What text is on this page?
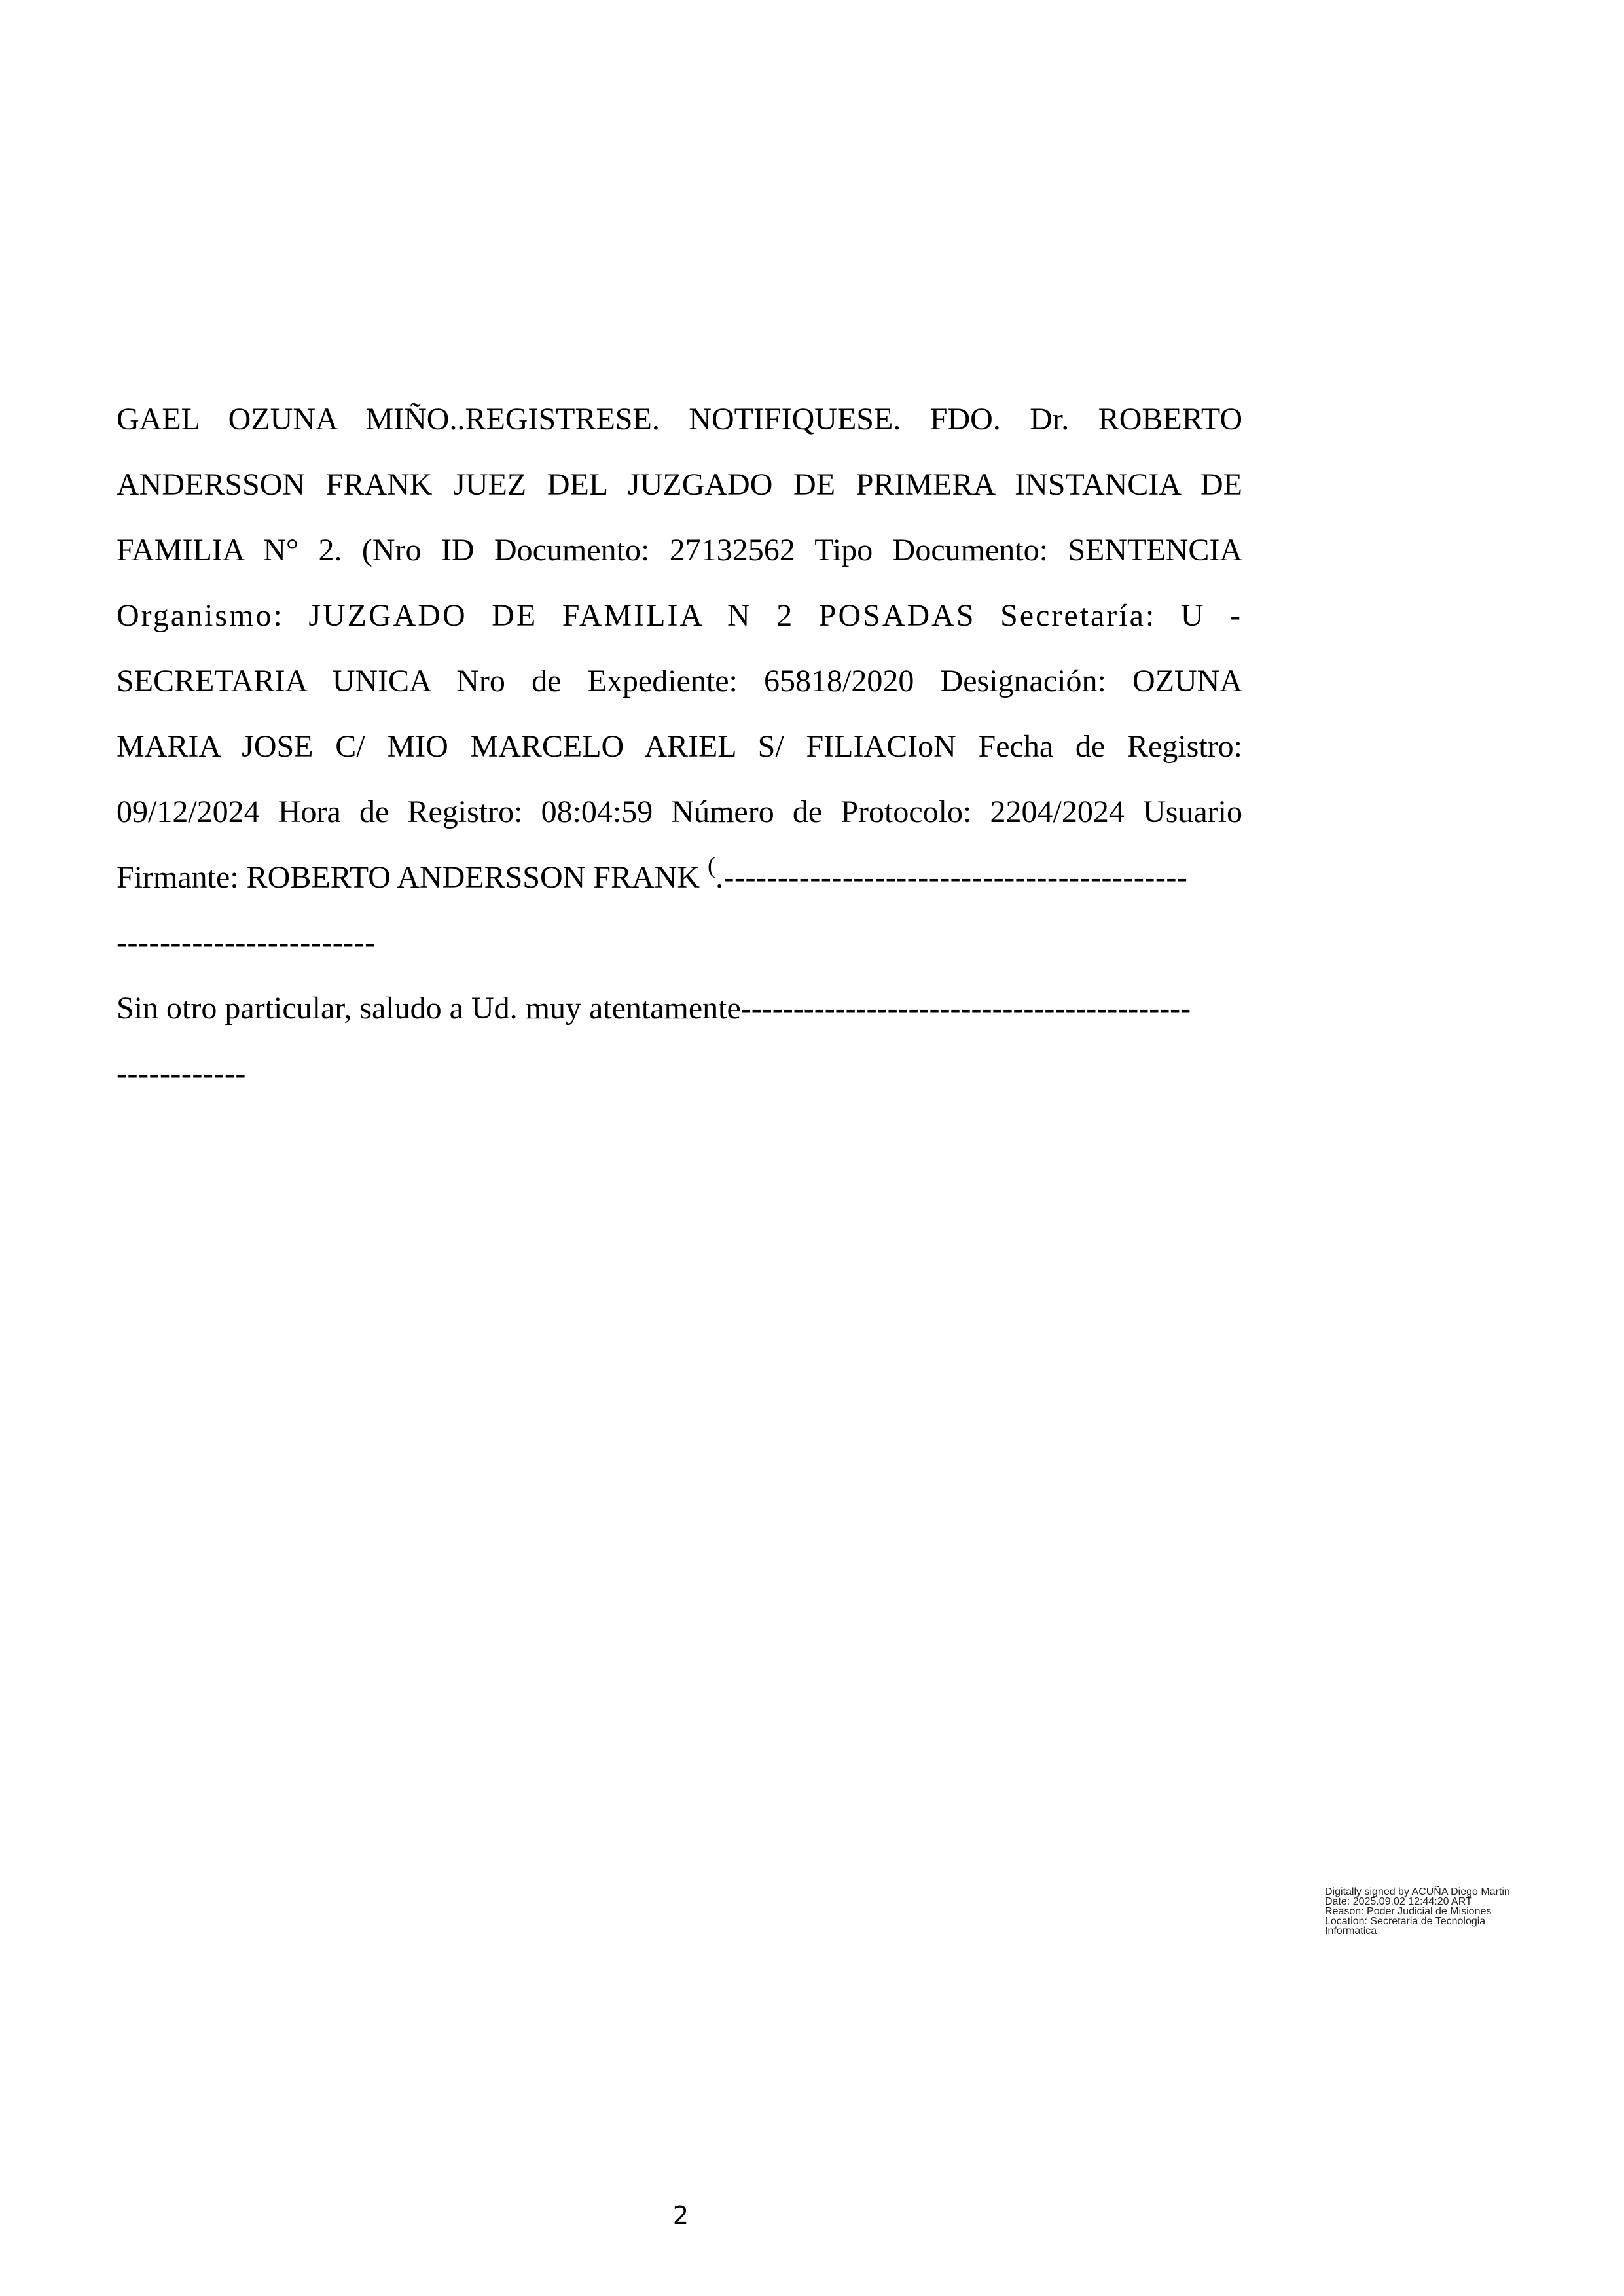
GAEL OZUNA MIÑO..REGISTRESE. NOTIFIQUESE. FDO. Dr. ROBERTO
ANDERSSON FRANK JUEZ DEL JUZGADO DE PRIMERA INSTANCIA DE
FAMILIA N° 2. (Nro ID Documento: 27132562 Tipo Documento: SENTENCIA
Organismo: JUZGADO DE FAMILIA N 2 POSADAS Secretaría: U -
SECRETARIA UNICA Nro de Expediente: 65818/2020 Designación: OZUNA
MARIA JOSE C/ MIO MARCELO ARIEL S/ FILIACIoN Fecha de Registro:
09/12/2024 Hora de Registro: 08:04:59 Número de Protocolo: 2204/2024 Usuario
Firmante: ROBERTO ANDERSSON FRANK (.-------------------------------------------
------------------------
Sin otro particular, saludo a Ud. muy atentamente-------------------------------------------
------------
Digitally signed by ACUÑA Diego Martin
Date: 2025.09.02 12:44:20 ART
Reason: Poder Judicial de Misiones
Location: Secretaria de Tecnologia
Informatica
2
